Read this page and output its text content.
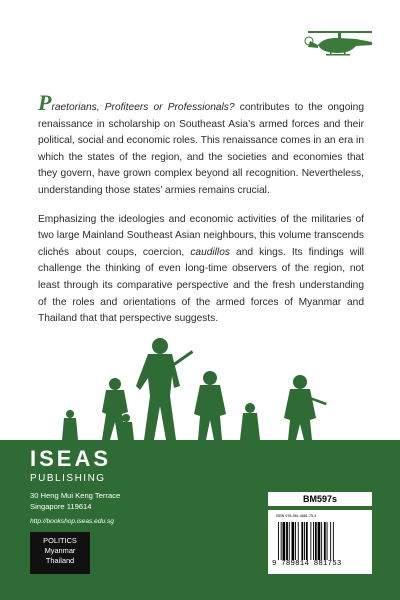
Praetorians, Profiteers or Professionals? contributes to the ongoing renaissance in scholarship on Southeast Asia’s armed forces and their political, social and economic roles. This renaissance comes in an era in which the states of the region, and the societies and economies that they govern, have grown complex beyond all recognition. Nevertheless, understanding those states’ armies remains crucial.

Emphasizing the ideologies and economic activities of the militaries of two large Mainland Southeast Asian neighbours, this volume transcends clichés about coups, coercion, caudillos and kings. Its findings will challenge the thinking of even long-time observers of the region, not least through its comparative perspective and the fresh understanding of the roles and orientations of the armed forces of Myanmar and Thailand that that perspective suggests.

ISEAS
PUBLISHING
30 Heng Mui Keng Terrace
Singapore 119614
http://bookshop.iseas.edu.sg
POLITICS
Myanmar
Thailand
BM597s
ISBN 978-981-4881-75-3
9 789814 881753
